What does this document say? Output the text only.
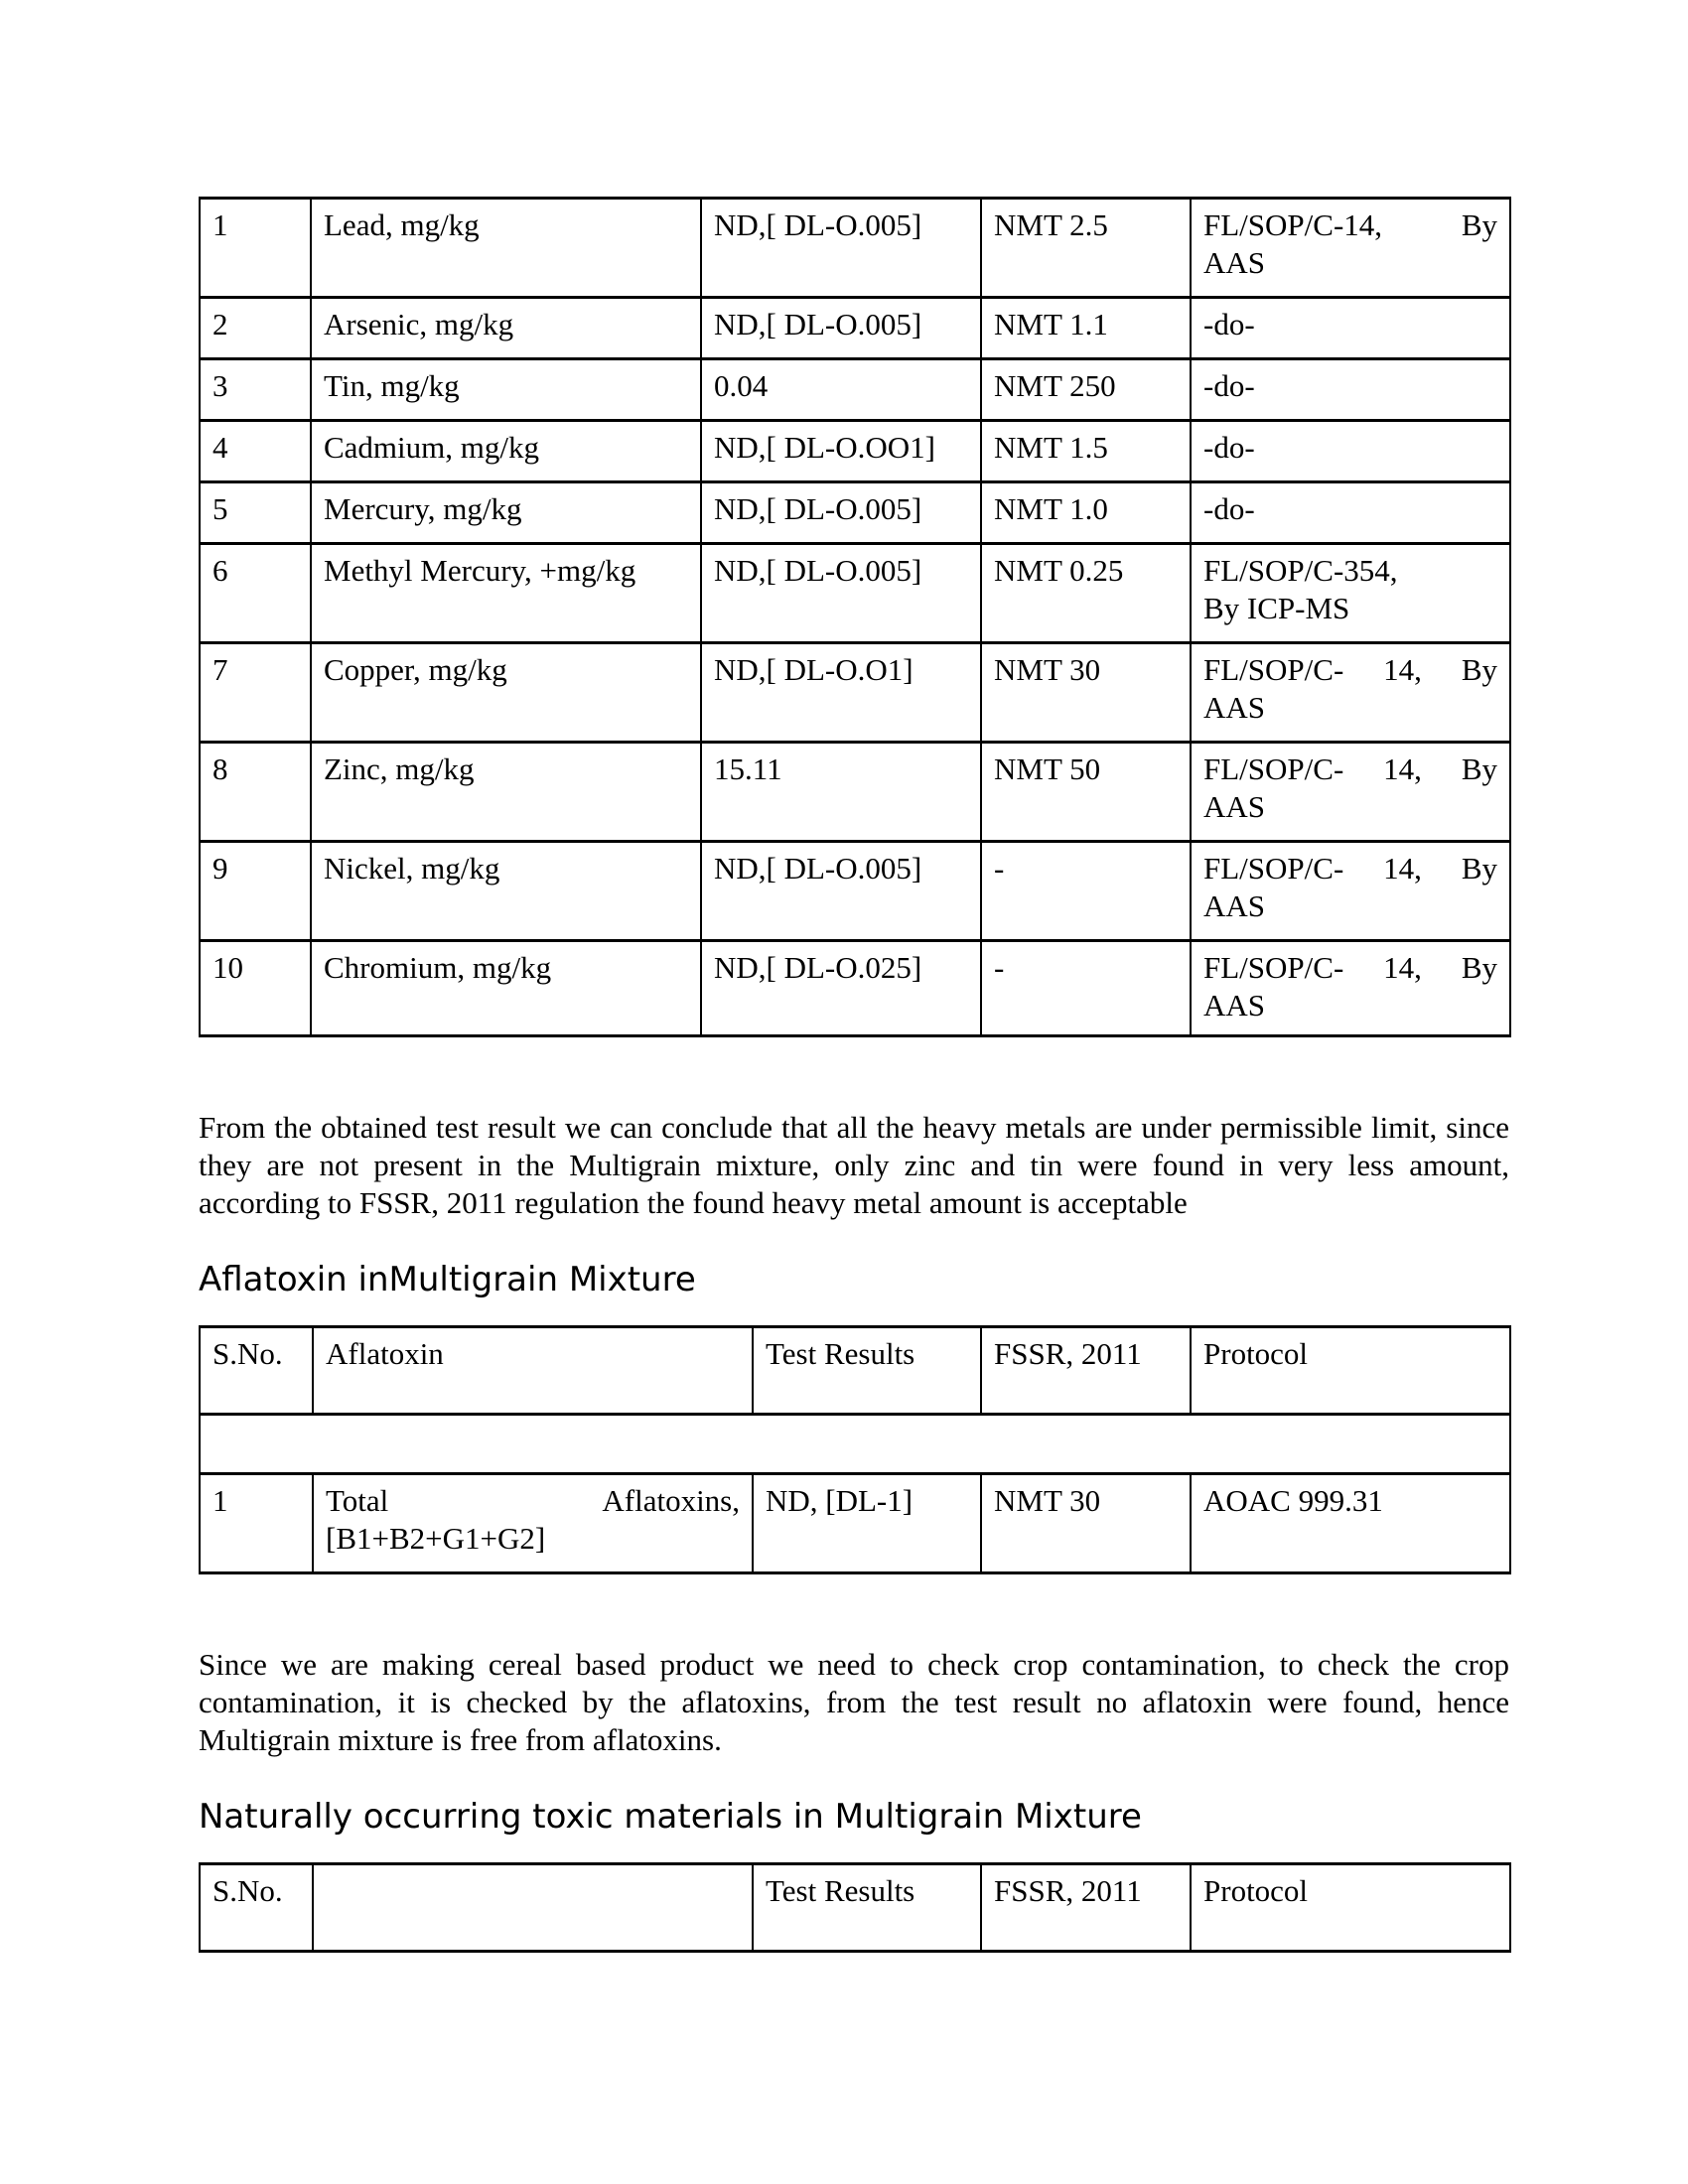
1	Lead, mg/kg	ND,[ DL-O.005]	NMT 2.5	FL/SOP/C-14, By
AAS

2	Arsenic, mg/kg	ND,[ DL-O.005]	NMT 1.1	-do-

3	Tin, mg/kg	0.04	NMT 250	-do-

4	Cadmium, mg/kg	ND,[ DL-O.OO1]	NMT 1.5	-do-

5	Mercury, mg/kg	ND,[ DL-O.005]	NMT 1.0	-do-

6	Methyl Mercury, +mg/kg	ND,[ DL-O.005]	NMT 0.25	FL/SOP/C-354,
By ICP-MS

7	Copper, mg/kg	ND,[ DL-O.O1]	NMT 30	FL/SOP/C- 14, By
AAS

8	Zinc, mg/kg	15.11	NMT 50	FL/SOP/C- 14, By
AAS

9	Nickel, mg/kg	ND,[ DL-O.005]	-	FL/SOP/C- 14, By
AAS

10	Chromium, mg/kg	ND,[ DL-O.025]	-	FL/SOP/C- 14, By
AAS

From the obtained test result we can conclude that all the heavy metals are under permissible limit, since they are not present in the Multigrain mixture, only zinc and tin were found in very less amount, according to FSSR, 2011 regulation the found heavy metal amount is acceptable

Aflatoxin inMultigrain Mixture
S.No.	Aflatoxin	Test Results	FSSR, 2011	Protocol

1	Total Aflatoxins,
[B1+B2+G1+G2]	ND, [DL-1]	NMT 30	AOAC 999.31

Since we are making cereal based product we need to check crop contamination, to check the crop contamination, it is checked by the aflatoxins, from the test result no aflatoxin were found, hence Multigrain mixture is free from aflatoxins.

Naturally occurring toxic materials in Multigrain Mixture
S.No.		Test Results	FSSR, 2011	Protocol
